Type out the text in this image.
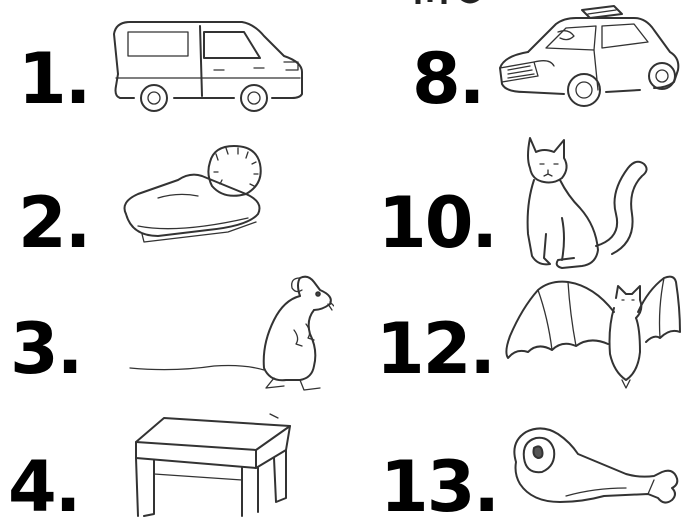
1.
2.
3.
4.
8.
10.
12.
13.
